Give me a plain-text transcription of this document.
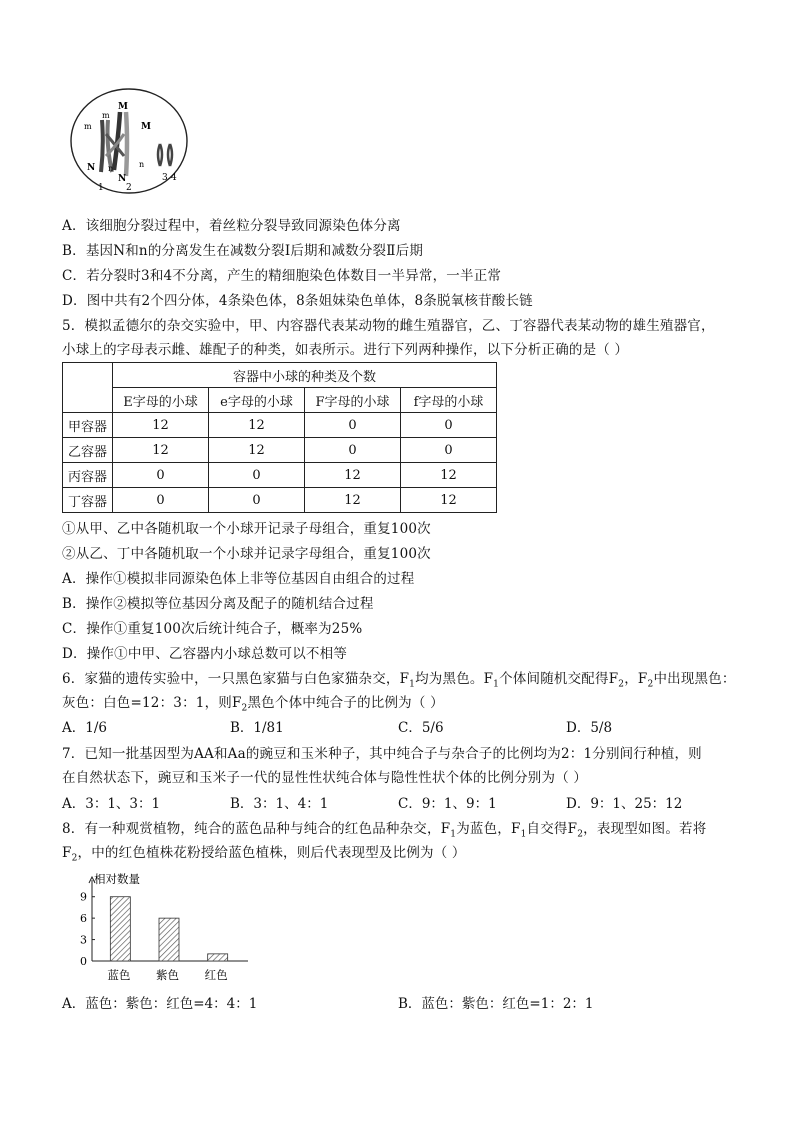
m
m
M
M
N n	n
N
1 2
3 4
A．该细胞分裂过程中，着丝粒分裂导致同源染色体分离
B．基因N和n的分离发生在减数分裂Ⅰ后期和减数分裂Ⅱ后期
C．若分裂时3和4不分离，产生的精细胞染色体数目一半异常，一半正常
D．图中共有2个四分体，4条染色体，8条姐妹染色单体，8条脱氧核苷酸长链
5．模拟孟德尔的杂交实验中，甲、内容器代表某动物的雌生殖器官，乙、丁容器代表某动物的雄生殖器官，
小球上的字母表示雌、雄配子的种类，如表所示。进行下列两种操作，以下分析正确的是（ ）
	容器中小球的种类及个数			
	E字母的小球	e字母的小球	F字母的小球	f字母的小球
甲容器	12	12	0	0
乙容器	12	12	0	0
丙容器	0	0	12	12
丁容器	0	0	12	12
①从甲、乙中各随机取一个小球开记录子母组合，重复100次
②从乙、丁中各随机取一个小球并记录字母组合，重复100次
A．操作①模拟非同源染色体上非等位基因自由组合的过程
B．操作②模拟等位基因分离及配子的随机结合过程
C．操作①重复100次后统计纯合子，概率为25%
D．操作①中甲、乙容器内小球总数可以不相等
6．家猫的遗传实验中，一只黑色家猫与白色家猫杂交，$F_1$均为黑色。$F_1$个体间随机交配得$F_2$，$F_2$中出现黑色：
灰色：白色=12：3：1，则$F_2$黑色个体中纯合子的比例为（ ）
A．1/6	B．1/81	C．5/6	D．5/8
7．已知一批基因型为AA和Aa的豌豆和玉米种子，其中纯合子与杂合子的比例均为2：1分别间行种植，则
在自然状态下，豌豆和玉米子一代的显性性状纯合体与隐性性状个体的比例分别为（ ）
A．3：1、3：1	B．3：1、4：1	C．9：1、9：1	D．9：1、25：12
8．有一种观赏植物，纯合的蓝色品种与纯合的红色品种杂交，$F_1$为蓝色，$F_1$自交得$F_2$，表现型如图。若将
$F_2$，中的红色植株花粉授给蓝色植株，则后代表现型及比例为（ ）
相对数量
0
3
6
9
蓝色 紫色 红色
A．蓝色：紫色：红色=4：4：1	B．蓝色：紫色：红色=1：2：1
